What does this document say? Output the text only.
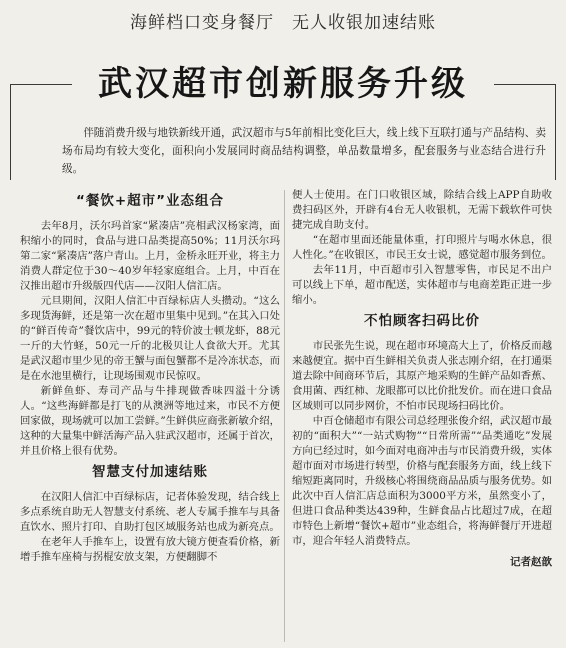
海鲜档口变身餐厅　无人收银加速结账
武汉超市创新服务升级
伴随消费升级与地铁新线开通，武汉超市与5年前相比变化巨大，线上线下互联打通与产品结构、卖场布局均有较大变化，面积向小发展同时商品结构调整，单品数量增多，配套服务与业态结合进行升级。
“餐饮+超市”业态组合

去年8月，沃尔玛首家“紧凑店”亮相武汉杨家湾，面积缩小的同时，食品与进口品类提高50%；11月沃尔玛第二家“紧凑店”落户青山。上月，金桥永旺开业，将主力消费人群定位于30～40岁年轻家庭组合。上月，中百在汉推出超市升级版四代店——汉阳人信汇店。

元旦期间，汉阳人信汇中百绿标店人头攒动。“这么多现货海鲜，还是第一次在超市里集中见到。”在其入口处的“鲜百传奇”餐饮店中，99元的特价波士顿龙虾，88元一斤的大竹蛏，50元一斤的北极贝让人食欲大开。尤其是武汉超市里少见的帝王蟹与面包蟹都不是冷冻状态，而是在水池里横行，让现场围观市民惊叹。

新鲜鱼虾、寿司产品与牛排现做香味四溢十分诱人。“这些海鲜都是打飞的从澳洲等地过来，市民不方便回家做，现场就可以加工尝鲜。”生鲜供应商张新敏介绍，这种的大量集中鲜活海产品入驻武汉超市，还属于首次，并且价格上很有优势。

智慧支付加速结账

在汉阳人信汇中百绿标店，记者体验发现，结合线上多点系统自助无人智慧支付系统、老人专属手推车与具备直饮水、照片打印、自助打包区域服务站也成为新亮点。

在老年人手推车上，设置有放大镜方便查看价格，新增手推车座椅与拐棍安放支架，方便翻脚不

便人士使用。在门口收银区域，除结合线上APP自助收费扫码区外，开辟有4台无人收银机，无需下载软件可快捷完成自助支付。

“在超市里面还能量体重，打印照片与喝水休息，很人性化。”在收银区，市民王女士说，感觉超市服务到位。

去年11月，中百超市引入智慧零售，市民足不出户可以线上下单，超市配送，实体超市与电商差距正进一步缩小。

不怕顾客扫码比价

市民张先生说，现在超市环境高大上了，价格反而越来越便宜。据中百生鲜相关负责人张志刚介绍，在打通渠道去除中间商环节后，其原产地采购的生鲜产品如香蕉、食用菌、西红柿、龙眼都可以比价批发价。而在进口食品区域则可以同步网价，不怕市民现场扫码比价。

中百仓储超市有限公司总经理张俊介绍，武汉超市最初的“面积大”“一站式购物”“日常所需”“品类通吃”发展方向已经过时，如今面对电商冲击与市民消费升级，实体超市面对市场进行转型，价格与配套服务方面，线上线下缩短距离同时，升级核心将围绕商品品质与服务优势。如此次中百人信汇店总面积为3000平方米，虽然变小了，但进口食品种类达439种，生鲜食品占比超过7成，在超市特色上新增“餐饮+超市”业态组合，将海鲜餐厅开进超市，迎合年轻人消费特点。

记者赵歆
